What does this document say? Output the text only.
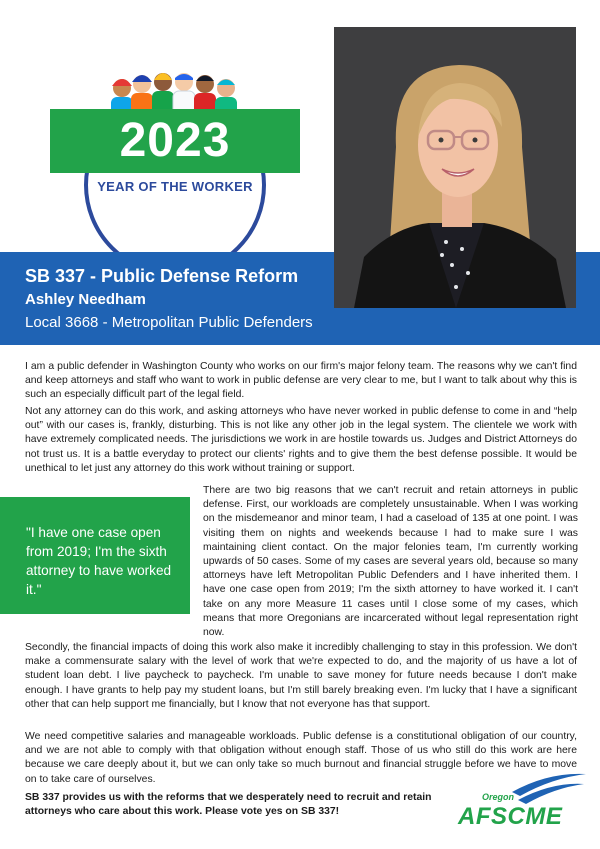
2023
YEAR OF THE WORKER
SB 337 - Public Defense Reform
Ashley Needham
Local 3668 - Metropolitan Public Defenders

I am a public defender in Washington County who works on our firm's major felony team. The reasons why we can't find and keep attorneys and staff who want to work in public defense are very clear to me, but I want to talk about why this is such an especially difficult part of the legal field.

Not any attorney can do this work, and asking attorneys who have never worked in public defense to come in and “help out” with our cases is, frankly, disturbing. This is not like any other job in the legal system. The clientele we work with have extremely complicated needs. The jurisdictions we work in are hostile towards us. Judges and District Attorneys do not trust us. It is a battle everyday to protect our clients' rights and to give them the best defense possible. It would be unethical to let just any attorney do this work without training or support.

"I have one case open from 2019; I'm the sixth attorney to have worked it."

There are two big reasons that we can't recruit and retain attorneys in public defense. First, our workloads are completely unsustainable. When I was working on the misdemeanor and minor team, I had a caseload of 135 at one point. I was visiting them on nights and weekends because I had to make sure I was maintaining client contact. On the major felonies team, I'm currently working upwards of 50 cases. Some of my cases are several years old, because so many attorneys have left Metropolitan Public Defenders and I have inherited them. I have one case open from 2019; I'm the sixth attorney to have worked it. I can't take on any more Measure 11 cases until I close some of my cases, which means that more Oregonians are incarcerated without legal representation right now.

Secondly, the financial impacts of doing this work also make it incredibly challenging to stay in this profession. We don't make a commensurate salary with the level of work that we're expected to do, and the majority of us have a lot of student loan debt. I live paycheck to paycheck. I'm unable to save money for future needs because I don't make enough. I have grants to help pay my student loans, but I'm still barely breaking even. I'm lucky that I have a significant other that can help support me financially, but I know that not everyone has that support.

We need competitive salaries and manageable workloads. Public defense is a constitutional obligation of our country, and we are not able to comply with that obligation without enough staff. Those of us who still do this work are here because we care deeply about it, but we can only take so much burnout and financial struggle before we have to move on to take care of ourselves.

SB 337 provides us with the reforms that we desperately need to recruit and retain attorneys who care about this work. Please vote yes on SB 337!

Oregon
AFSCME
